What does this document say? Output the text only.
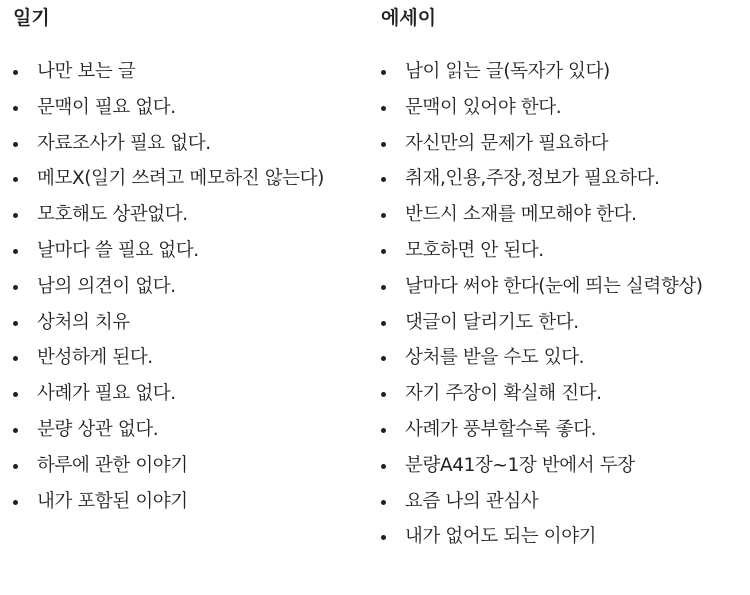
일기
나만 보는 글
문맥이 필요 없다.
자료조사가 필요 없다.
메모X(일기 쓰려고 메모하진 않는다)
모호해도 상관없다.
날마다 쓸 필요 없다.
남의 의견이 없다.
상처의 치유
반성하게 된다.
사례가 필요 없다.
분량 상관 없다.
하루에 관한 이야기
내가 포함된 이야기
에세이
남이 읽는 글(독자가 있다)
문맥이 있어야 한다.
자신만의 문제가 필요하다
취재,인용,주장,정보가 필요하다.
반드시 소재를 메모해야 한다.
모호하면 안 된다.
날마다 써야 한다(눈에 띄는 실력향상)
댓글이 달리기도 한다.
상처를 받을 수도 있다.
자기 주장이 확실해 진다.
사례가 풍부할수록 좋다.
분량A41장~1장 반에서 두장
요즘 나의 관심사
내가 없어도 되는 이야기
